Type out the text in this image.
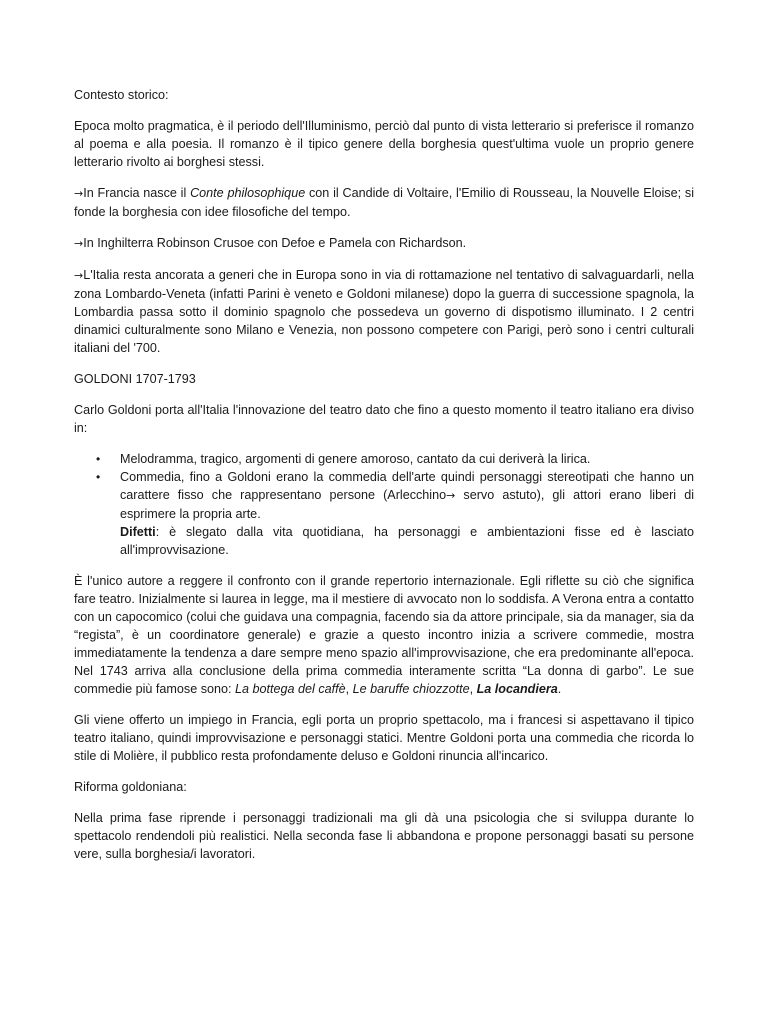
Contesto storico:

Epoca molto pragmatica, è il periodo dell'Illuminismo, perciò dal punto di vista letterario si preferisce il romanzo al poema e alla poesia. Il romanzo è il tipico genere della borghesia quest'ultima vuole un proprio genere letterario rivolto ai borghesi stessi.

→In Francia nasce il Conte philosophique con il Candide di Voltaire, l'Emilio di Rousseau, la Nouvelle Eloise; si fonde la borghesia con idee filosofiche del tempo.

→In Inghilterra Robinson Crusoe con Defoe e Pamela con Richardson.

→L'Italia resta ancorata a generi che in Europa sono in via di rottamazione nel tentativo di salvaguardarli, nella zona Lombardo-Veneta (infatti Parini è veneto e Goldoni milanese) dopo la guerra di successione spagnola, la Lombardia passa sotto il dominio spagnolo che possedeva un governo di dispotismo illuminato. I 2 centri dinamici culturalmente sono Milano e Venezia, non possono competere con Parigi, però sono i centri culturali italiani del '700.

GOLDONI 1707-1793

Carlo Goldoni porta all'Italia l'innovazione del teatro dato che fino a questo momento il teatro italiano era diviso in:

• Melodramma, tragico, argomenti di genere amoroso, cantato da cui deriverà la lirica.
• Commedia, fino a Goldoni erano la commedia dell'arte quindi personaggi stereotipati che hanno un carattere fisso che rappresentano persone (Arlecchino→ servo astuto), gli attori erano liberi di esprimere la propria arte.
Difetti: è slegato dalla vita quotidiana, ha personaggi e ambientazioni fisse ed è lasciato all'improvvisazione.

È l'unico autore a reggere il confronto con il grande repertorio internazionale. Egli riflette su ciò che significa fare teatro. Inizialmente si laurea in legge, ma il mestiere di avvocato non lo soddisfa. A Verona entra a contatto con un capocomico (colui che guidava una compagnia, facendo sia da attore principale, sia da manager, sia da “regista”, è un coordinatore generale) e grazie a questo incontro inizia a scrivere commedie, mostra immediatamente la tendenza a dare sempre meno spazio all'improvvisazione, che era predominante all'epoca. Nel 1743 arriva alla conclusione della prima commedia interamente scritta “La donna di garbo”. Le sue commedie più famose sono: La bottega del caffè, Le baruffe chiozzotte, La locandiera.

Gli viene offerto un impiego in Francia, egli porta un proprio spettacolo, ma i francesi si aspettavano il tipico teatro italiano, quindi improvvisazione e personaggi statici. Mentre Goldoni porta una commedia che ricorda lo stile di Molière, il pubblico resta profondamente deluso e Goldoni rinuncia all'incarico.

Riforma goldoniana:

Nella prima fase riprende i personaggi tradizionali ma gli dà una psicologia che si sviluppa durante lo spettacolo rendendoli più realistici. Nella seconda fase li abbandona e propone personaggi basati su persone vere, sulla borghesia/i lavoratori.
